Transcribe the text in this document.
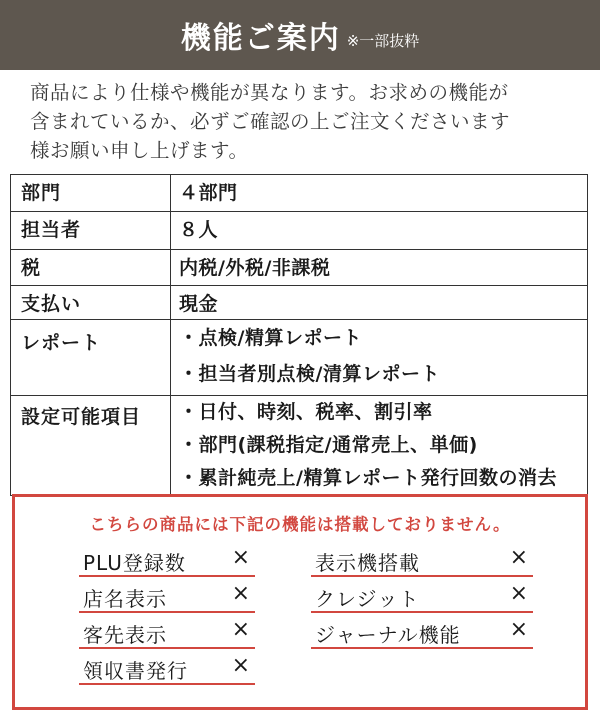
機能ご案内 ※一部抜粋
商品により仕様や機能が異なります。お求めの機能が
含まれているか、必ずご確認の上ご注文くださいます
様お願い申し上げます。
部門	４部門
担当者	８人
税	内税/外税/非課税
支払い	現金
レポート	・点検/精算レポート
・担当者別点検/清算レポート

設定可能項目	・日付、時刻、税率、割引率
・部門(課税指定/通常売上、単価)
・累計純売上/精算レポート発行回数の消去
こちらの商品には下記の機能は搭載しておりません。
PLU登録数 ×
店名表示	×
客先表示	×
領収書発行 ×
表示機搭載	×
クレジット	×
ジャーナル機能 ×
